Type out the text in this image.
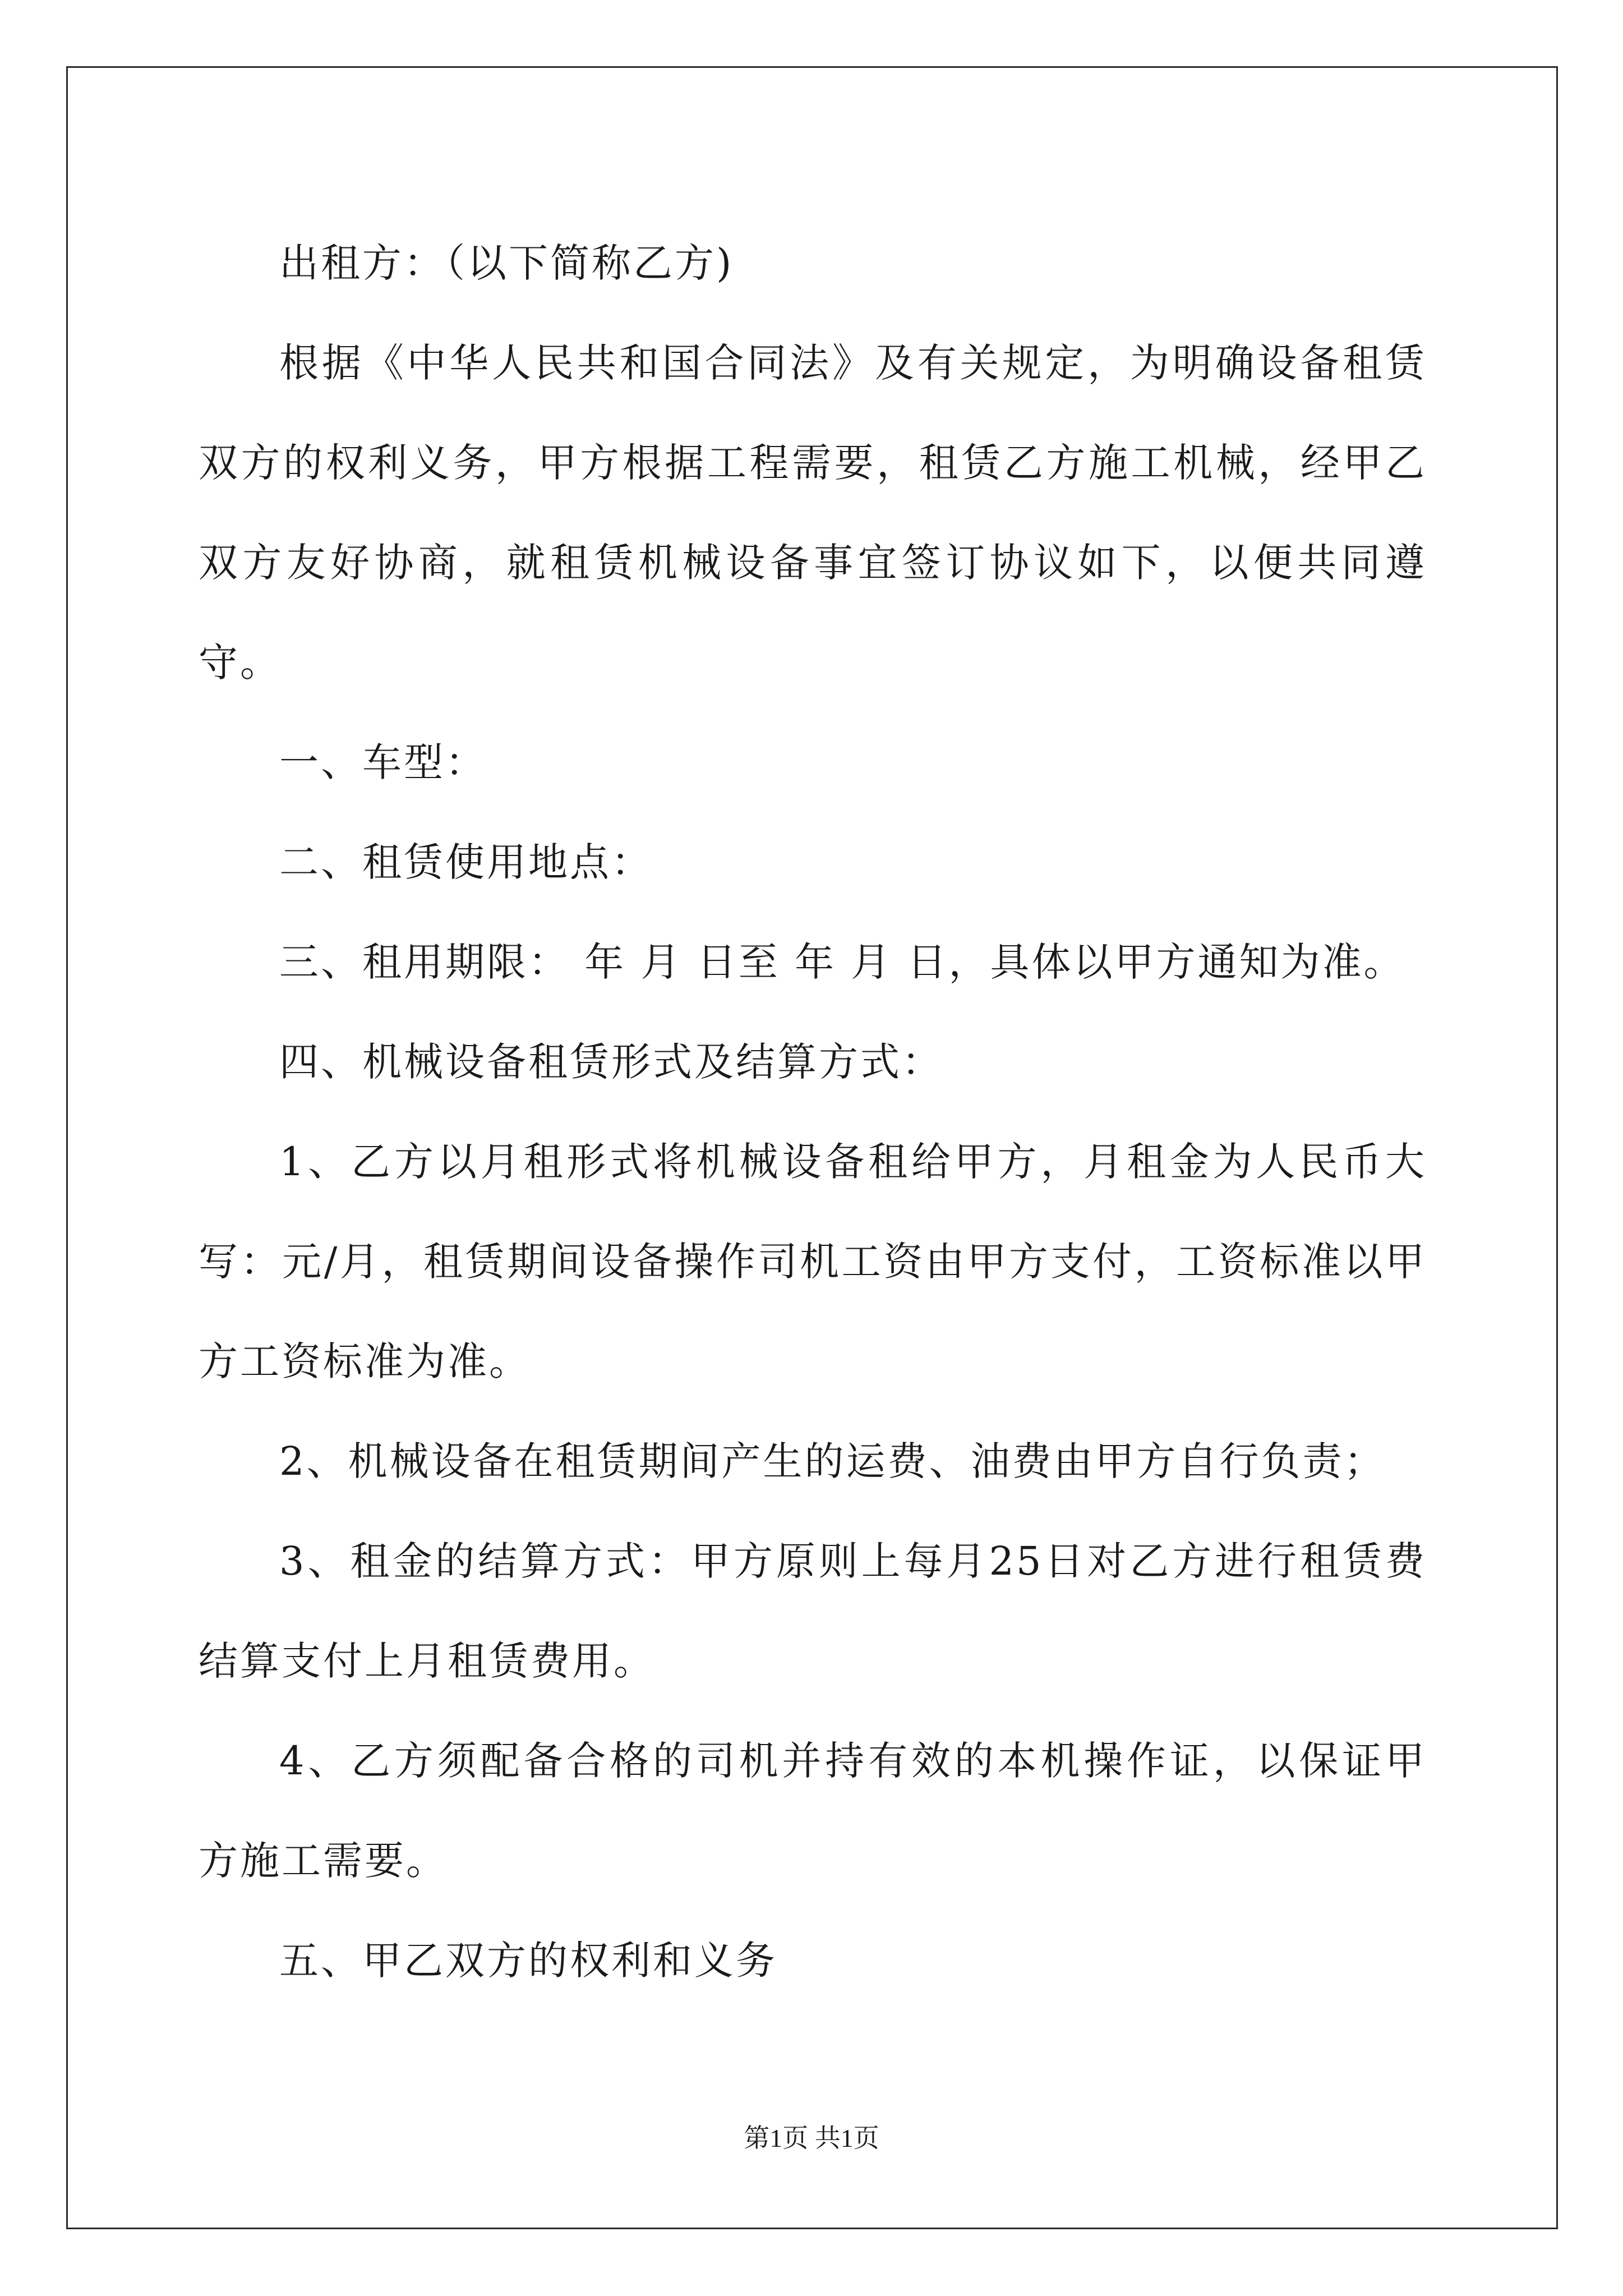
出租方：（以下简称乙方)

根据《中华人民共和国合同法》及有关规定，为明确设备租赁双方的权利义务，甲方根据工程需要，租赁乙方施工机械，经甲乙双方友好协商，就租赁机械设备事宜签订协议如下，以便共同遵守。

一、车型：

二、租赁使用地点：

三、租用期限： 年 月 日至 年 月 日，具体以甲方通知为准。

四、机械设备租赁形式及结算方式：

1、乙方以月租形式将机械设备租给甲方，月租金为人民币大写：元/月，租赁期间设备操作司机工资由甲方支付，工资标准以甲方工资标准为准。

2、机械设备在租赁期间产生的运费、油费由甲方自行负责；

3、租金的结算方式：甲方原则上每月25日对乙方进行租赁费结算支付上月租赁费用。

4、乙方须配备合格的司机并持有效的本机操作证，以保证甲方施工需要。

五、甲乙双方的权利和义务

第1页 共1页
